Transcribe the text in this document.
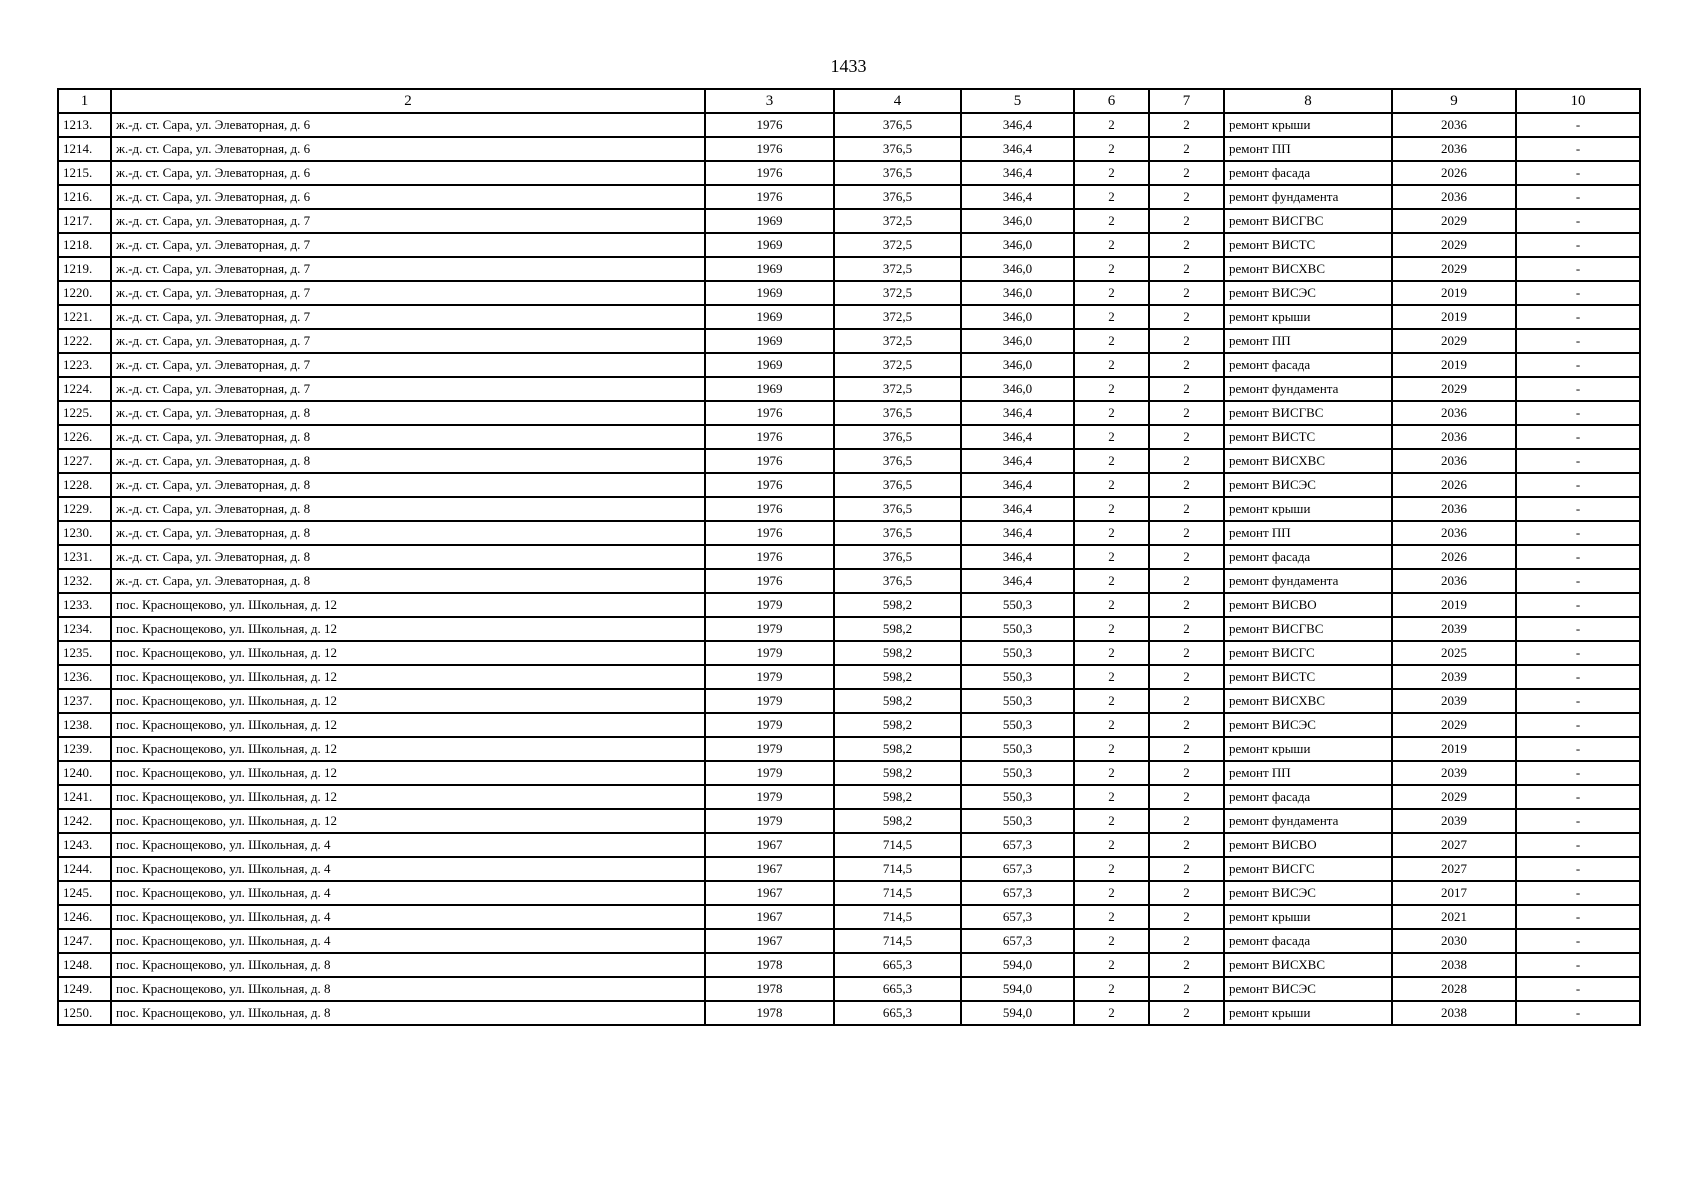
1433
1	2	3	4	5	6	7	8	9	10
1213.	ж.-д. ст. Сара, ул. Элеваторная, д. 6	1976	376,5	346,4	2	2	ремонт крыши	2036	-
1214.	ж.-д. ст. Сара, ул. Элеваторная, д. 6	1976	376,5	346,4	2	2	ремонт ПП	2036	-
1215.	ж.-д. ст. Сара, ул. Элеваторная, д. 6	1976	376,5	346,4	2	2	ремонт фасада	2026	-
1216.	ж.-д. ст. Сара, ул. Элеваторная, д. 6	1976	376,5	346,4	2	2	ремонт фундамента	2036	-
1217.	ж.-д. ст. Сара, ул. Элеваторная, д. 7	1969	372,5	346,0	2	2	ремонт ВИСГВС	2029	-
1218.	ж.-д. ст. Сара, ул. Элеваторная, д. 7	1969	372,5	346,0	2	2	ремонт ВИСТС	2029	-
1219.	ж.-д. ст. Сара, ул. Элеваторная, д. 7	1969	372,5	346,0	2	2	ремонт ВИСХВС	2029	-
1220.	ж.-д. ст. Сара, ул. Элеваторная, д. 7	1969	372,5	346,0	2	2	ремонт ВИСЭС	2019	-
1221.	ж.-д. ст. Сара, ул. Элеваторная, д. 7	1969	372,5	346,0	2	2	ремонт крыши	2019	-
1222.	ж.-д. ст. Сара, ул. Элеваторная, д. 7	1969	372,5	346,0	2	2	ремонт ПП	2029	-
1223.	ж.-д. ст. Сара, ул. Элеваторная, д. 7	1969	372,5	346,0	2	2	ремонт фасада	2019	-
1224.	ж.-д. ст. Сара, ул. Элеваторная, д. 7	1969	372,5	346,0	2	2	ремонт фундамента	2029	-
1225.	ж.-д. ст. Сара, ул. Элеваторная, д. 8	1976	376,5	346,4	2	2	ремонт ВИСГВС	2036	-
1226.	ж.-д. ст. Сара, ул. Элеваторная, д. 8	1976	376,5	346,4	2	2	ремонт ВИСТС	2036	-
1227.	ж.-д. ст. Сара, ул. Элеваторная, д. 8	1976	376,5	346,4	2	2	ремонт ВИСХВС	2036	-
1228.	ж.-д. ст. Сара, ул. Элеваторная, д. 8	1976	376,5	346,4	2	2	ремонт ВИСЭС	2026	-
1229.	ж.-д. ст. Сара, ул. Элеваторная, д. 8	1976	376,5	346,4	2	2	ремонт крыши	2036	-
1230.	ж.-д. ст. Сара, ул. Элеваторная, д. 8	1976	376,5	346,4	2	2	ремонт ПП	2036	-
1231.	ж.-д. ст. Сара, ул. Элеваторная, д. 8	1976	376,5	346,4	2	2	ремонт фасада	2026	-
1232.	ж.-д. ст. Сара, ул. Элеваторная, д. 8	1976	376,5	346,4	2	2	ремонт фундамента	2036	-
1233.	пос. Краснощеково, ул. Школьная, д. 12	1979	598,2	550,3	2	2	ремонт ВИСВО	2019	-
1234.	пос. Краснощеково, ул. Школьная, д. 12	1979	598,2	550,3	2	2	ремонт ВИСГВС	2039	-
1235.	пос. Краснощеково, ул. Школьная, д. 12	1979	598,2	550,3	2	2	ремонт ВИСГС	2025	-
1236.	пос. Краснощеково, ул. Школьная, д. 12	1979	598,2	550,3	2	2	ремонт ВИСТС	2039	-
1237.	пос. Краснощеково, ул. Школьная, д. 12	1979	598,2	550,3	2	2	ремонт ВИСХВС	2039	-
1238.	пос. Краснощеково, ул. Школьная, д. 12	1979	598,2	550,3	2	2	ремонт ВИСЭС	2029	-
1239.	пос. Краснощеково, ул. Школьная, д. 12	1979	598,2	550,3	2	2	ремонт крыши	2019	-
1240.	пос. Краснощеково, ул. Школьная, д. 12	1979	598,2	550,3	2	2	ремонт ПП	2039	-
1241.	пос. Краснощеково, ул. Школьная, д. 12	1979	598,2	550,3	2	2	ремонт фасада	2029	-
1242.	пос. Краснощеково, ул. Школьная, д. 12	1979	598,2	550,3	2	2	ремонт фундамента	2039	-
1243.	пос. Краснощеково, ул. Школьная, д. 4	1967	714,5	657,3	2	2	ремонт ВИСВО	2027	-
1244.	пос. Краснощеково, ул. Школьная, д. 4	1967	714,5	657,3	2	2	ремонт ВИСГС	2027	-
1245.	пос. Краснощеково, ул. Школьная, д. 4	1967	714,5	657,3	2	2	ремонт ВИСЭС	2017	-
1246.	пос. Краснощеково, ул. Школьная, д. 4	1967	714,5	657,3	2	2	ремонт крыши	2021	-
1247.	пос. Краснощеково, ул. Школьная, д. 4	1967	714,5	657,3	2	2	ремонт фасада	2030	-
1248.	пос. Краснощеково, ул. Школьная, д. 8	1978	665,3	594,0	2	2	ремонт ВИСХВС	2038	-
1249.	пос. Краснощеково, ул. Школьная, д. 8	1978	665,3	594,0	2	2	ремонт ВИСЭС	2028	-
1250.	пос. Краснощеково, ул. Школьная, д. 8	1978	665,3	594,0	2	2	ремонт крыши	2038	-
